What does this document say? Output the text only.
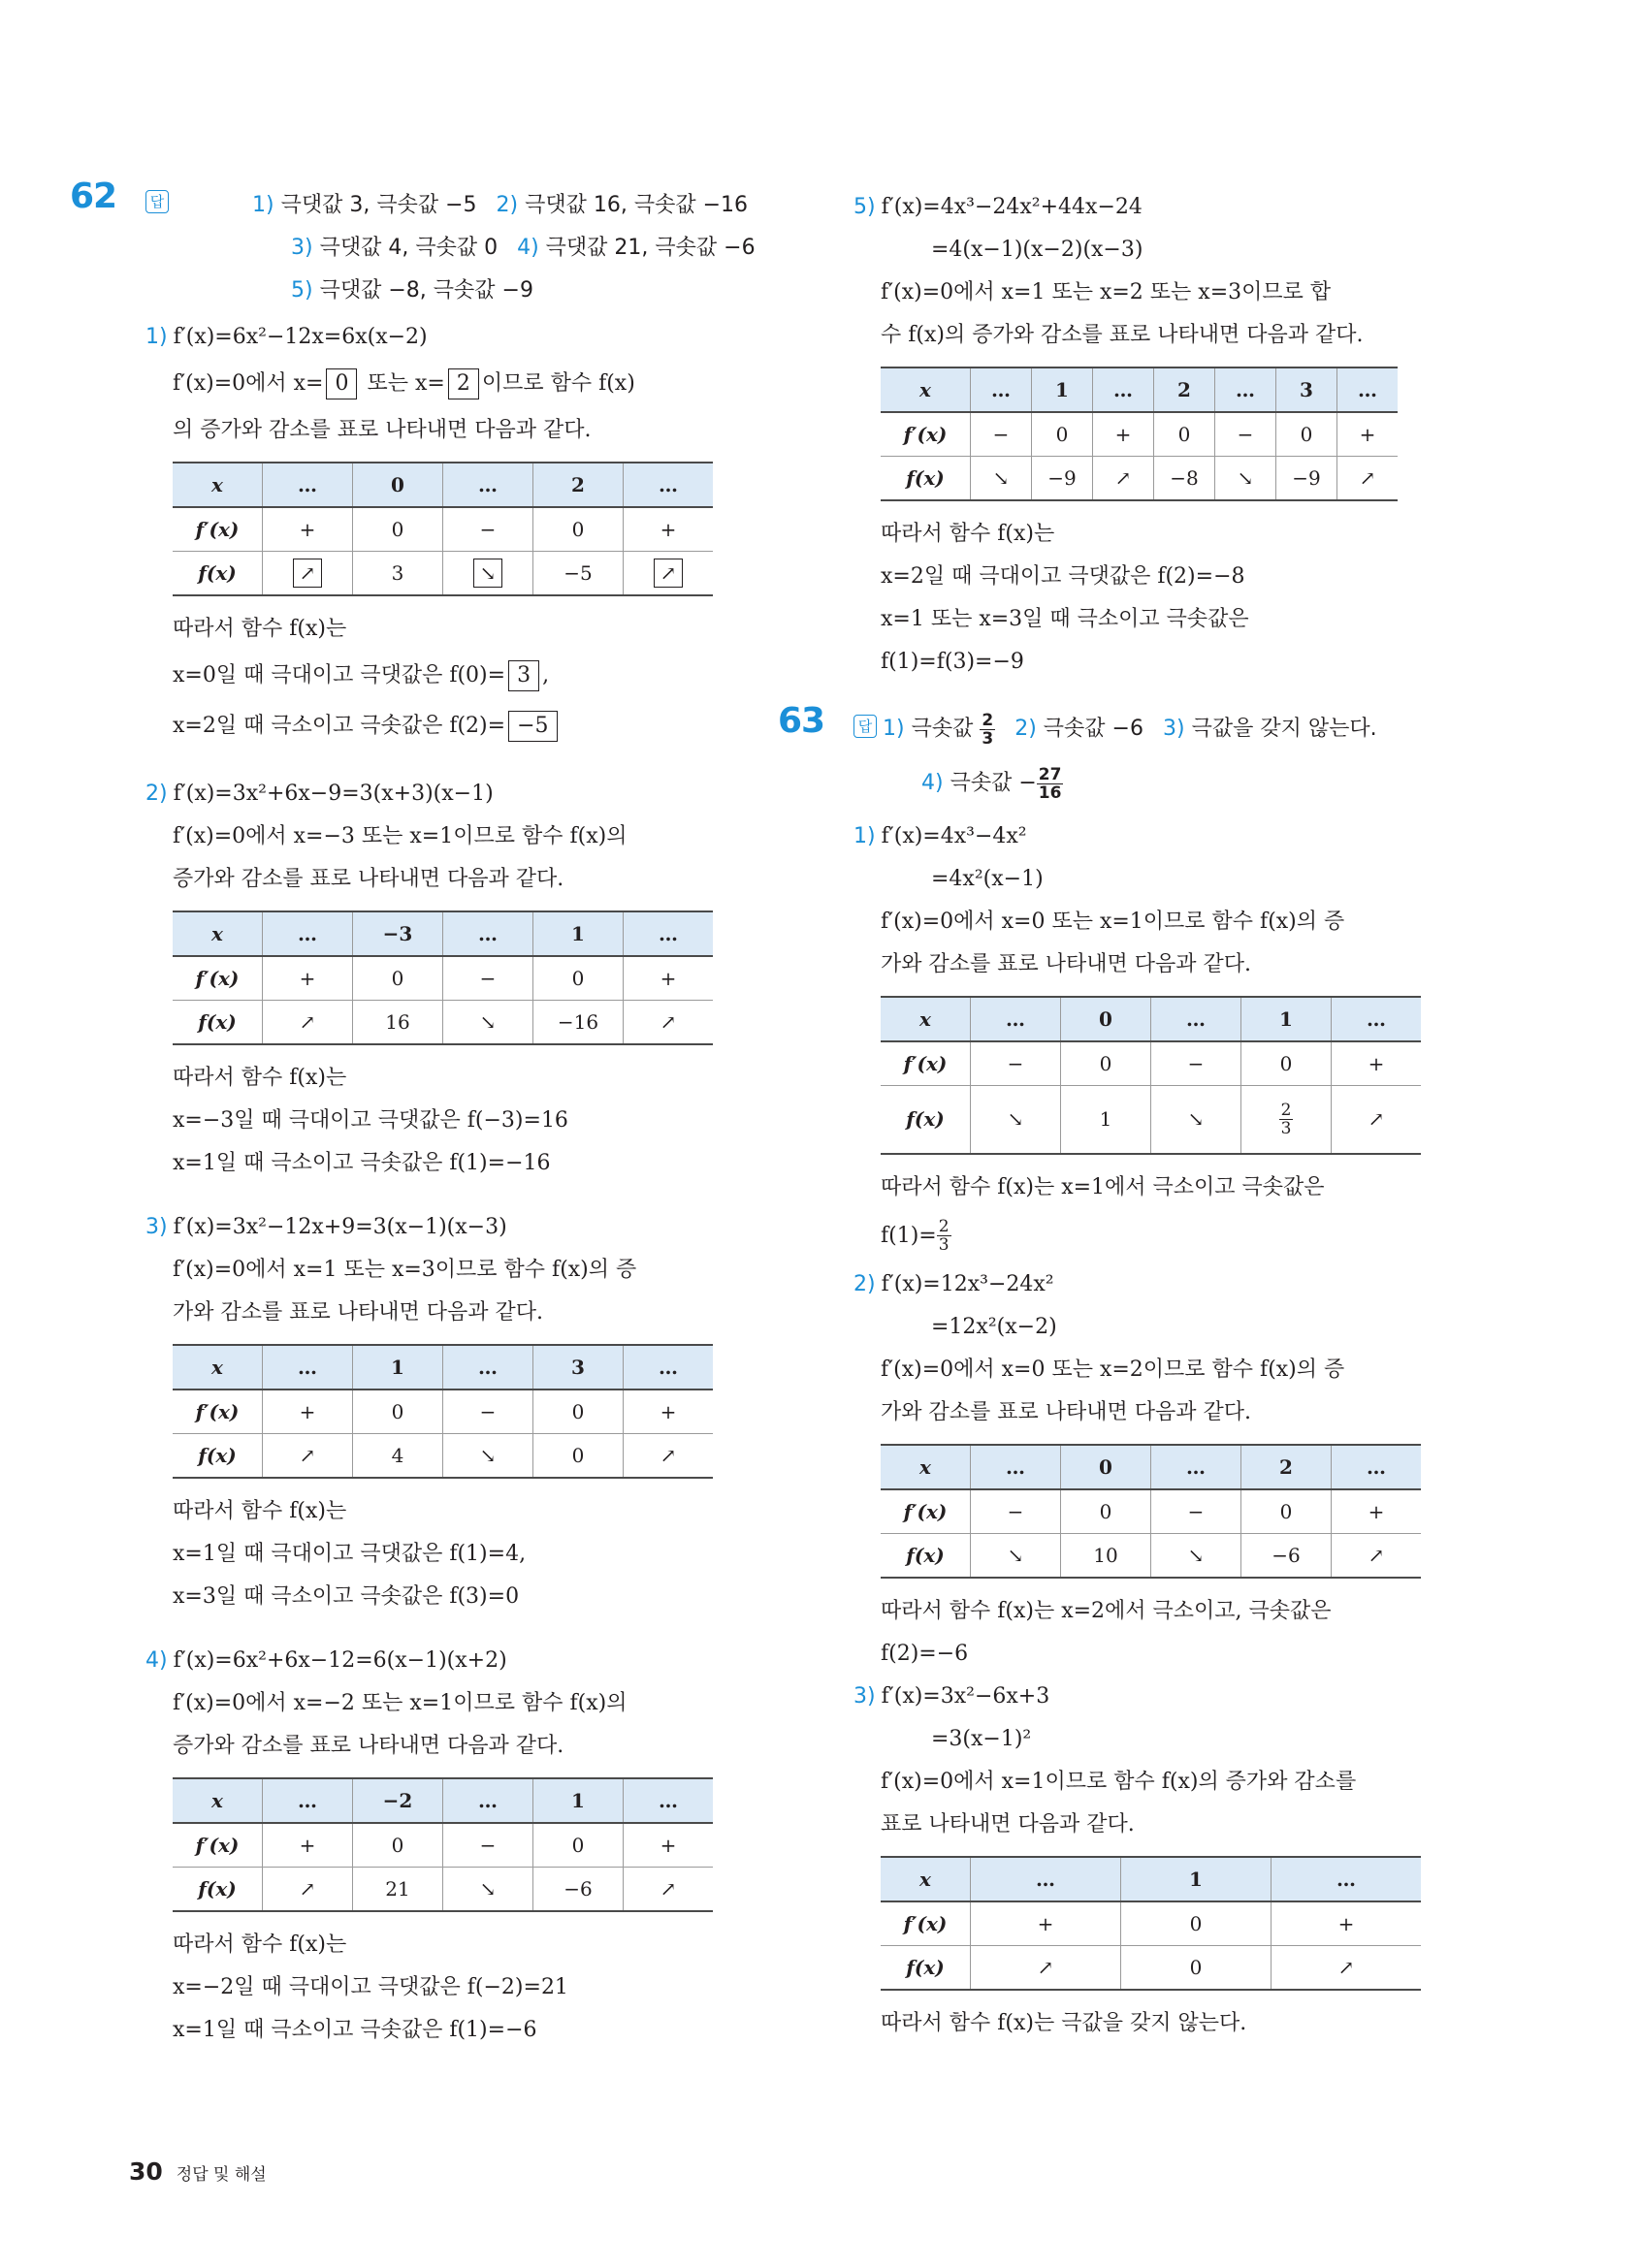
62	답	1) 극댓값 3, 극솟값 −5 2) 극댓값 16, 극솟값 −16
3) 극댓값 4, 극솟값 0 4) 극댓값 21, 극솟값 −6
5) 극댓값 −8, 극솟값 −9
1) f′(x)=6x²−12x=6x(x−2)
f′(x)=0에서 x= 0 또는 x= 2 이므로 함수 f(x)
의 증가와 감소를 표로 나타내면 다음과 같다.
x	…	0	…	2	…
f′(x)	+	0	−	0	+
f(x)	↗	3	↘	−5	↗
따라서 함수 f(x)는
x=0일 때 극대이고 극댓값은 f(0)= 3 ,
x=2일 때 극소이고 극솟값은 f(2)= −5
2) f′(x)=3x²+6x−9=3(x+3)(x−1)
f′(x)=0에서 x=−3 또는 x=1이므로 함수 f(x)의
증가와 감소를 표로 나타내면 다음과 같다.
x	…	−3	…	1	…
f′(x)	+	0	−	0	+
f(x)	↗	16	↘	−16	↗
따라서 함수 f(x)는
x=−3일 때 극대이고 극댓값은 f(−3)=16
x=1일 때 극소이고 극솟값은 f(1)=−16
3) f′(x)=3x²−12x+9=3(x−1)(x−3)
f′(x)=0에서 x=1 또는 x=3이므로 함수 f(x)의 증
가와 감소를 표로 나타내면 다음과 같다.
x	…	1	…	3	…
f′(x)	+	0	−	0	+
f(x)	↗	4	↘	0	↗
따라서 함수 f(x)는
x=1일 때 극대이고 극댓값은 f(1)=4,
x=3일 때 극소이고 극솟값은 f(3)=0
4) f′(x)=6x²+6x−12=6(x−1)(x+2)
f′(x)=0에서 x=−2 또는 x=1이므로 함수 f(x)의
증가와 감소를 표로 나타내면 다음과 같다.
x	…	−2	…	1	…
f′(x)	+	0	−	0	+
f(x)	↗	21	↘	−6	↗
따라서 함수 f(x)는
x=−2일 때 극대이고 극댓값은 f(−2)=21
x=1일 때 극소이고 극솟값은 f(1)=−6
5) f′(x)=4x³−24x²+44x−24
=4(x−1)(x−2)(x−3)
f′(x)=0에서 x=1 또는 x=2 또는 x=3이므로 합
수 f(x)의 증가와 감소를 표로 나타내면 다음과 같다.
x	…	1	…	2	…	3	…
f′(x)	−	0	+	0	−	0	+
f(x)	↘	−9	↗	−8	↘	−9	↗
따라서 함수 f(x)는
x=2일 때 극대이고 극댓값은 f(2)=−8
x=1 또는 x=3일 때 극소이고 극솟값은
f(1)=f(3)=−9
63	답 1) 극솟값 $\frac{2}{3} 2$) 극솟값 −6 3) 극값을 갖지 않는다.
4) 극솟값 − $\frac{27}{16}$
1) f′(x)=4x³−4x²
=4x²(x−1)
f′(x)=0에서 x=0 또는 x=1이므로 함수 f(x)의 증
가와 감소를 표로 나타내면 다음과 같다.
x	…	0	…	1	…
f′(x)	−	0	−	0	+
f(x)	↘	1	↘	$\frac{2}{3}$	↗
따라서 함수 f(x)는 x=1에서 극소이고 극솟값은
$f(1)= \frac{2}{3}$
2) f′(x)=12x³−24x²
=12x²(x−2)
f′(x)=0에서 x=0 또는 x=2이므로 함수 f(x)의 증
가와 감소를 표로 나타내면 다음과 같다.
x	…	0	…	2	…
f′(x)	−	0	−	0	+
f(x)	↘	10	↘	−6	↗
따라서 함수 f(x)는 x=2에서 극소이고, 극솟값은
f(2)=−6
3) f′(x)=3x²−6x+3
=3(x−1)²
f′(x)=0에서 x=1이므로 함수 f(x)의 증가와 감소를
표로 나타내면 다음과 같다.
x	…	1	…
f′(x)	+	0	+
f(x)	↗	0	↗
따라서 함수 f(x)는 극값을 갖지 않는다.
30 정답 및 해설
